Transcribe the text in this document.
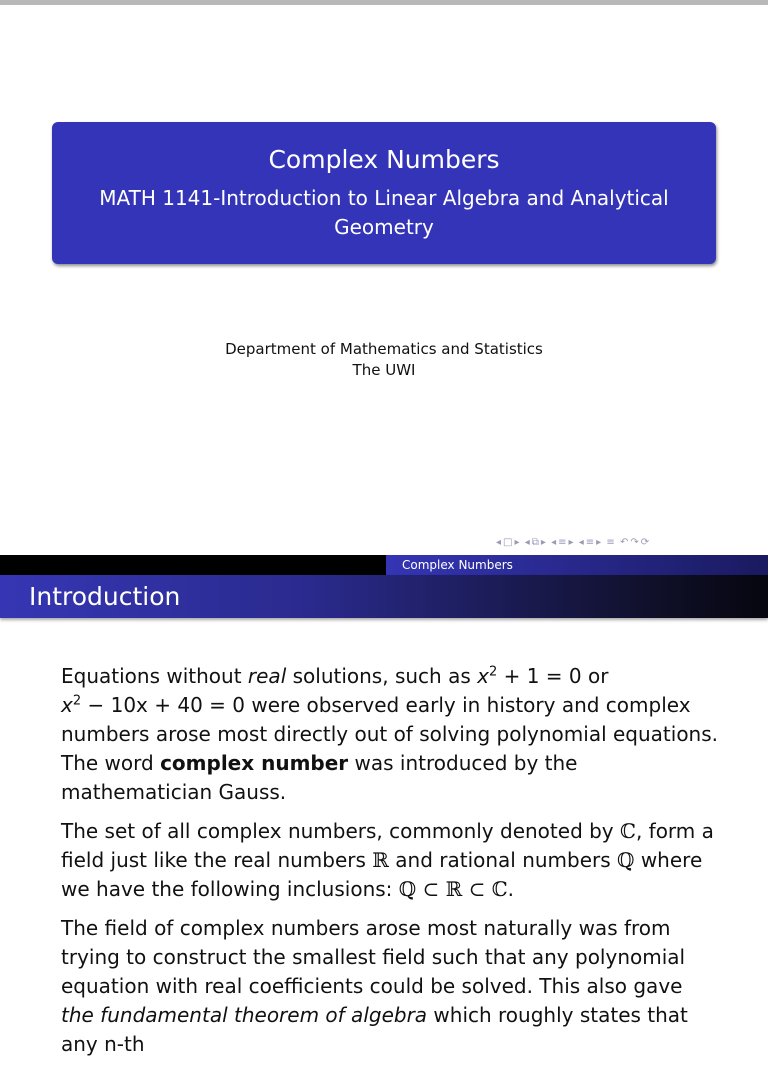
Complex Numbers
MATH 1141-Introduction to Linear Algebra and Analytical Geometry
Department of Mathematics and Statistics
The UWI
◂ □ ▸ ◂ ⧉ ▸ ◂ ≡ ▸ ◂ ≡ ▸ ≡ ↶ ↷ ⟳
Complex Numbers
Introduction

Equations without real solutions, such as $x^2 + 1 = 0$ or
$x^2 - 10x + 40 = 0$ were observed early in history and complex numbers arose most directly out of solving polynomial equations. The word complex number was introduced by the mathematician Gauss.

The set of all complex numbers, commonly denoted by ℂ, form a field just like the real numbers ℝ and rational numbers ℚ where we have the following inclusions: ℚ ⊂ ℝ ⊂ ℂ.

The field of complex numbers arose most naturally was from trying to construct the smallest field such that any polynomial equation with real coefficients could be solved. This also gave the fundamental theorem of algebra which roughly states that any n-th
